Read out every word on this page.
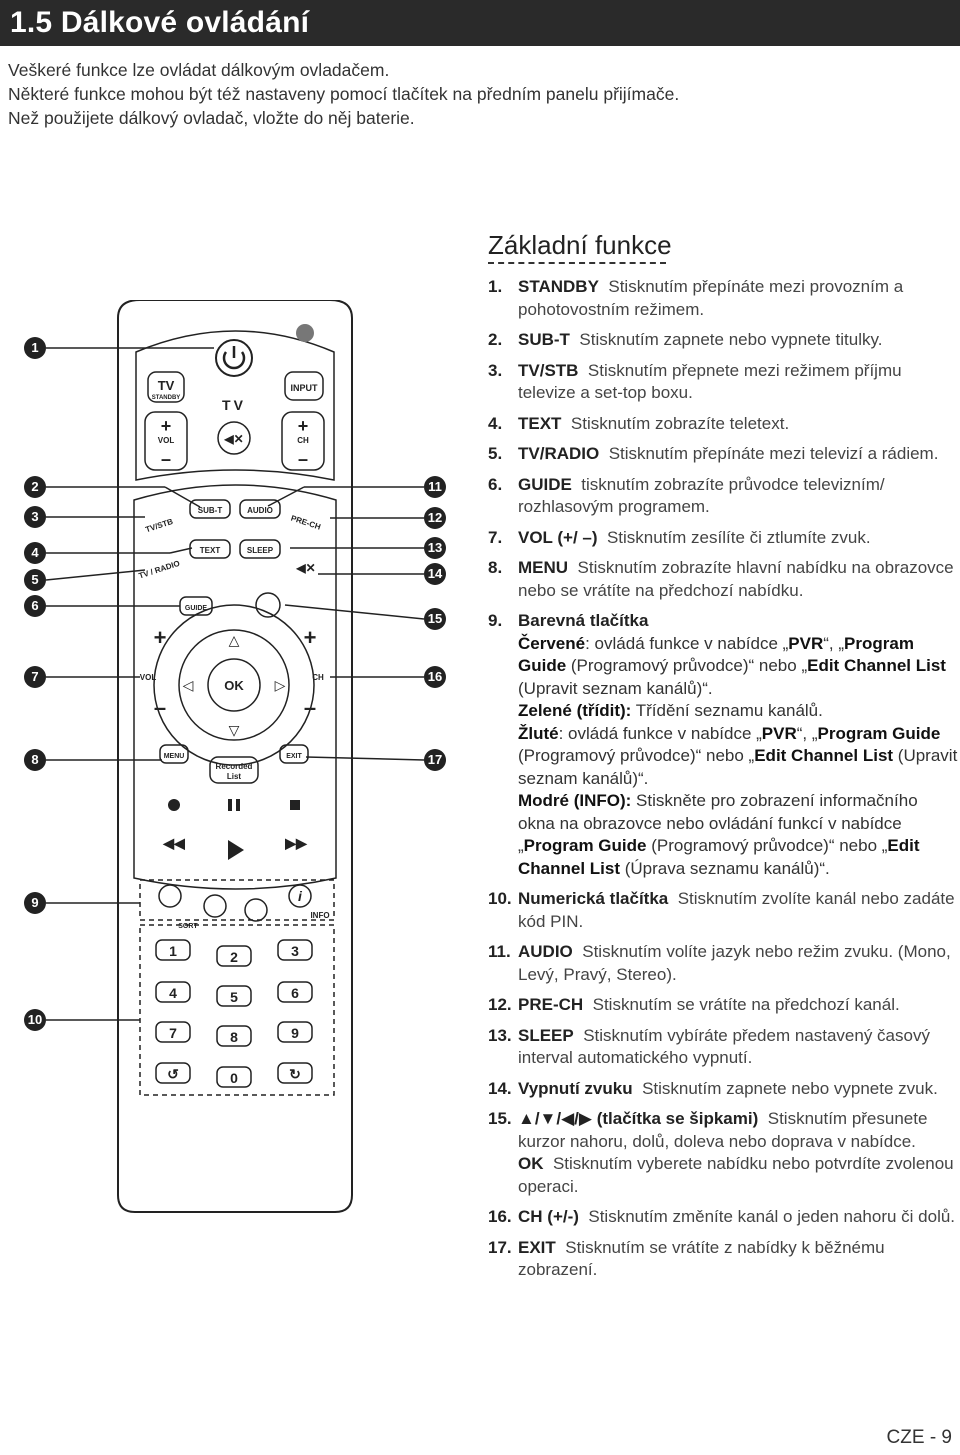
1.5 Dálkové ovládání
Veškeré funkce lze ovládat dálkovým ovladačem.
Některé funkce mohou být též nastaveny pomocí tlačítek na předním panelu přijímače.
Než použijete dálkový ovladač, vložte do něj baterie.
TV
STANDBY	TV
INPUT
+
VOL
–
+
CH
–
◀✕
SUB-T	AUDIO
TV/STB	PRE-CH
TEXT	SLEEP
TV / RADIO	◀✕
GUIDE
+
VOL
–
+
CH
–
△
▽
◁	▷
OK
MENU	EXIT
Recorded
List
◀◀	▶▶
i
SORT
INFO
1	2	3
4	5	6
7	8	9
↺	0	↻
1
2
3
4
5
6
7
8
9
10
11
12
13
14
15
16
17
Základní funkce
1. STANDBY Stisknutím přepínáte mezi provozním a pohotovostním režimem.
2. SUB-T Stisknutím zapnete nebo vypnete titulky.
3. TV/STB Stisknutím přepnete mezi režimem příjmu televize a set-top boxu.
4. TEXT Stisknutím zobrazíte teletext.
5. TV/RADIO Stisknutím přepínáte mezi televizí a rádiem.
6. GUIDE tisknutím zobrazíte průvodce televizním/ rozhlasovým programem.
7. VOL (+/ –) Stisknutím zesílíte či ztlumíte zvuk.
8. MENU Stisknutím zobrazíte hlavní nabídku na obrazovce nebo se vrátíte na předchozí nabídku.
9. Barevná tlačítka
Červené: ovládá funkce v nabídce „PVR“, „Program Guide (Programový průvodce)“ nebo „Edit Channel List (Upravit seznam kanálů)“.
Zelené (třídit): Třídění seznamu kanálů.
Žluté: ovládá funkce v nabídce „PVR“, „Program Guide (Programový průvodce)“ nebo „Edit Channel List (Upravit seznam kanálů)“.
Modré (INFO): Stiskněte pro zobrazení informačního okna na obrazovce nebo ovládání funkcí v nabídce „Program Guide (Programový průvodce)“ nebo „Edit Channel List (Úprava seznamu kanálů)“.
10. Numerická tlačítka Stisknutím zvolíte kanál nebo zadáte kód PIN.
11. AUDIO Stisknutím volíte jazyk nebo režim zvuku. (Mono, Levý, Pravý, Stereo).
12. PRE-CH Stisknutím se vrátíte na předchozí kanál.
13. SLEEP Stisknutím vybíráte předem nastavený časový interval automatického vypnutí.
14. Vypnutí zvuku Stisknutím zapnete nebo vypnete zvuk.
15. ▲/▼/◀/▶ (tlačítka se šipkami) Stisknutím přesunete kurzor nahoru, dolů, doleva nebo doprava v nabídce.
OK Stisknutím vyberete nabídku nebo potvrdíte zvolenou operaci.
16. CH (+/-) Stisknutím změníte kanál o jeden nahoru či dolů.
17. EXIT Stisknutím se vrátíte z nabídky k běžnému zobrazení.
CZE - 9
